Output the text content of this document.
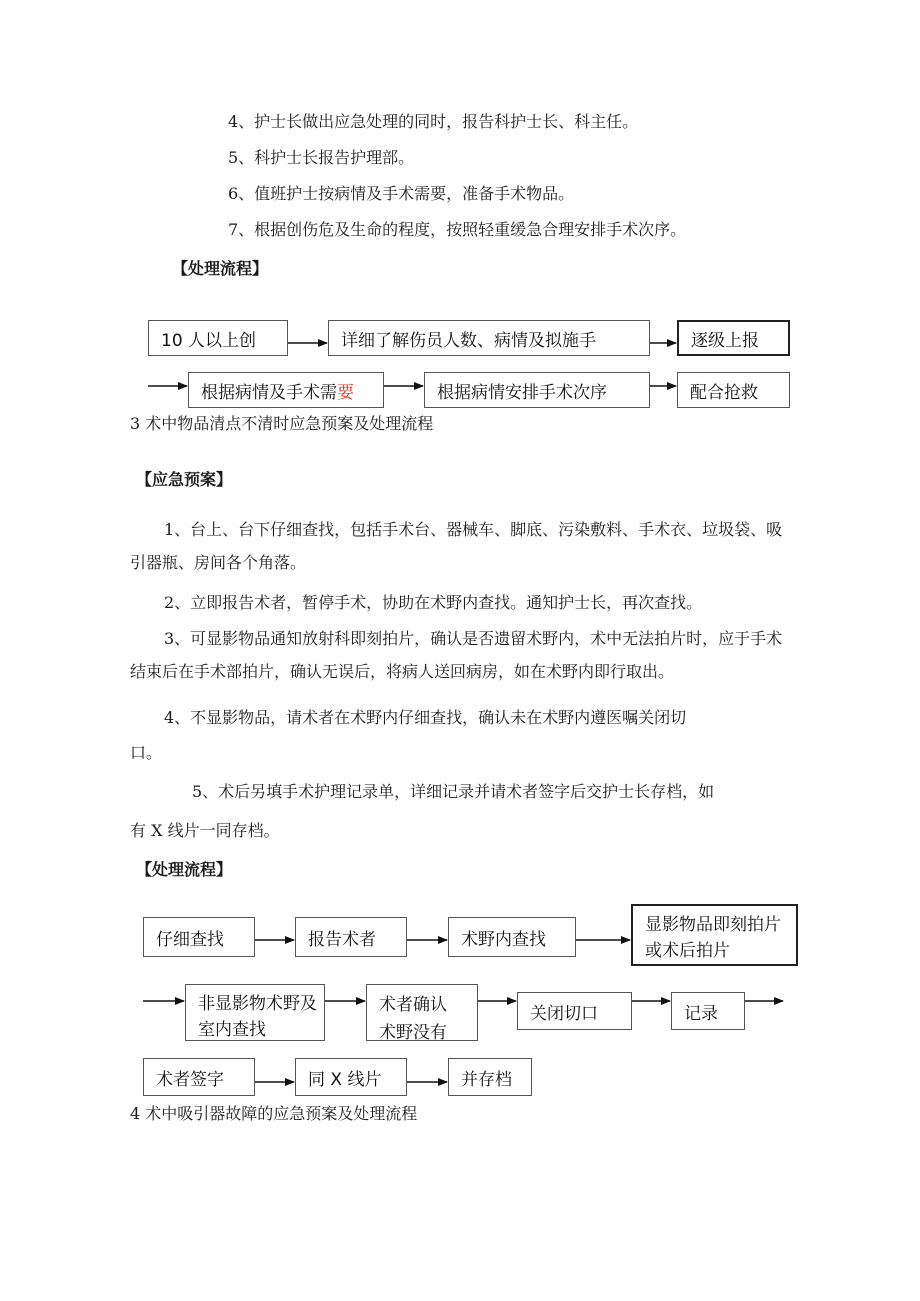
4、护士长做出应急处理的同时，报告科护士长、科主任。
5、科护士长报告护理部。
6、值班护士按病情及手术需要，准备手术物品。
7、根据创伤危及生命的程度，按照轻重缓急合理安排手术次序。
【处理流程】
10 人以上创	详细了解伤员人数、病情及拟施手	逐级上报
根据病情及手术需要	根据病情安排手术次序	配合抢救
3 术中物品清点不清时应急预案及处理流程
【应急预案】
1、台上、台下仔细查找，包括手术台、器械车、脚底、污染敷料、手术衣、垃圾袋、吸
引器瓶、房间各个角落。
2、立即报告术者，暂停手术，协助在术野内查找。通知护士长，再次查找。
3、可显影物品通知放射科即刻拍片，确认是否遗留术野内，术中无法拍片时，应于手术
结束后在手术部拍片，确认无误后，将病人送回病房，如在术野内即行取出。
4、不显影物品，请术者在术野内仔细查找，确认未在术野内遵医嘱关闭切
口。
5、术后另填手术护理记录单，详细记录并请术者签字后交护士长存档，如
有 X 线片一同存档。
【处理流程】
仔细查找	报告术者	术野内查找
显影物品即刻拍片
或术后拍片
非显影物术野及
室内查找
术者确认
术野没有
关闭切口	记录
术者签字	同 X 线片	并存档
4 术中吸引器故障的应急预案及处理流程
